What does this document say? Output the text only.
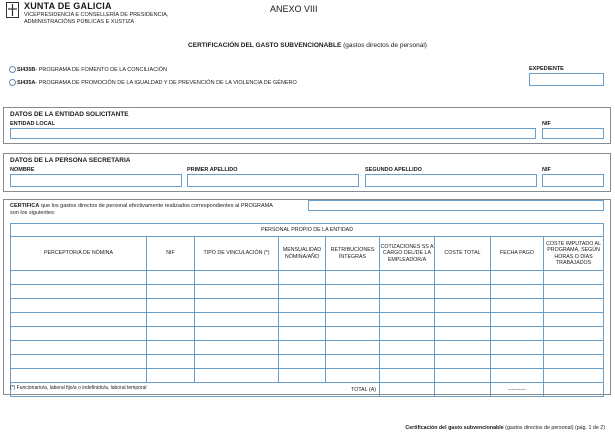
XUNTA DE GALICIA
VICEPRESIDENCIA E CONSELLERÍA DE PRESIDENCIA,
ADMINISTRACIÓNS PÚBLICAS E XUSTIZA
ANEXO VIII
CERTIFICACIÓN DEL GASTO SUBVENCIONABLE (gastos directos de personal)
SI435B - PROGRAMA DE FOMENTO DE LA CONCILIACIÓN
SI435A - PROGRAMA DE PROMOCIÓN DE LA IGUALDAD Y DE PREVENCIÓN DE LA VIOLENCIA DE GÉNERO
EXPEDIENTE
DATOS DE LA ENTIDAD SOLICITANTE
ENTIDAD LOCAL	NIF
DATOS DE LA PERSONA SECRETARIA
NOMBRE	PRIMER APELLIDO	SEGUNDO APELLIDO	NIF
CERTIFICA que los gastos directos de personal efectivamente realizados correspondientes al PROGRAMA
son los siguientes:
PERSONAL PROPIO DE LA ENTIDAD								
PERCEPTOR/A DE NÓMINA	NIF	TIPO DE VINCULACIÓN (*)	MENSUALIDAD NÓMINA/AÑO	RETRIBUCIONES ÍNTEGRAS	COTIZACIONES SS A CARGO DEL/DE LA EMPLEADOR/A	COSTE TOTAL	FECHA PAGO	COSTE IMPUTADO AL PROGRAMA, SEGÚN HORAS O DÍAS TRABAJADOS

TOTAL (A)							----------	
(*) Funcionario/a, laboral fijo/a o indefinido/a, laboral temporal
Certificación del gasto subvencionable (gastos directos de personal) (pág. 1 de 2)
